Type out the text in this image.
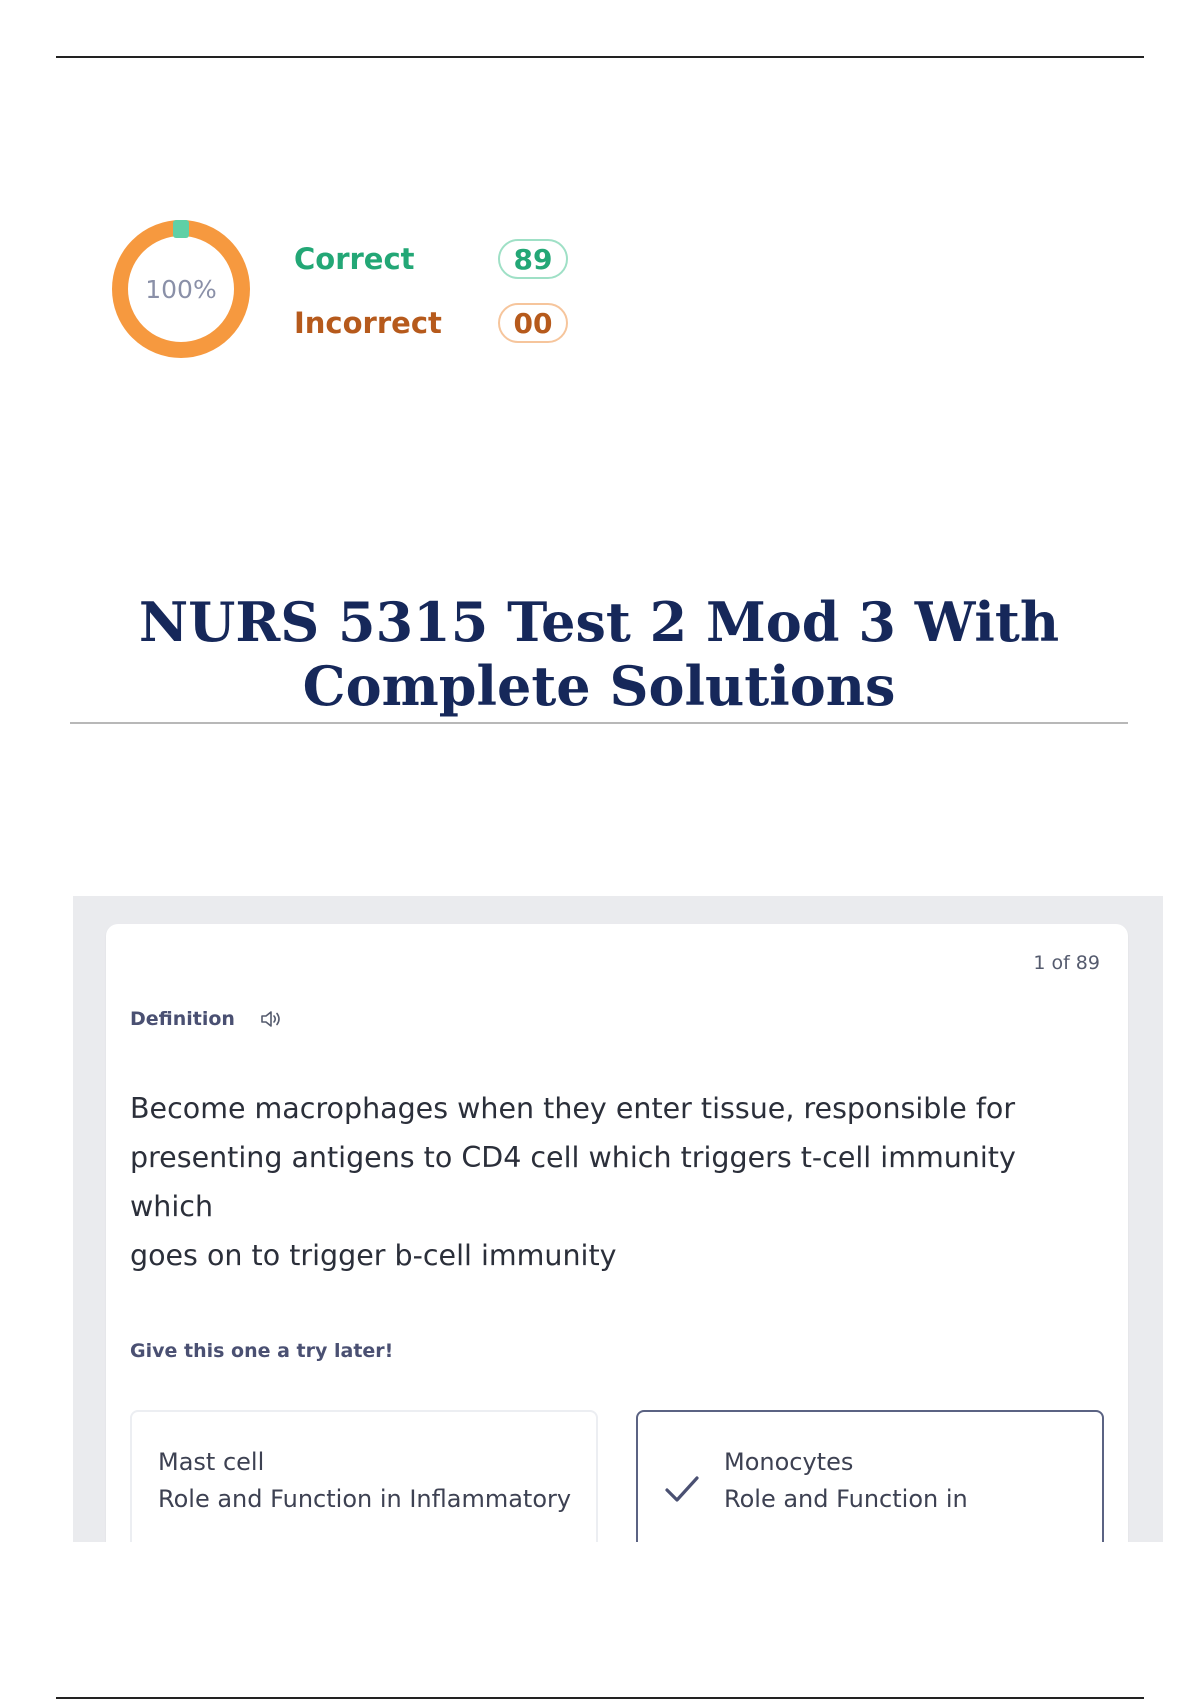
100%
Correct	89
Incorrect	00
NURS 5315 Test 2 Mod 3 With
Complete Solutions
1 of 89
Definition
Become macrophages when they enter tissue, responsible for
presenting antigens to CD4 cell which triggers t-cell immunity which
goes on to trigger b-cell immunity
Give this one a try later!
Mast cell
Role and Function in Inflammatory
Monocytes
Role and Function in
